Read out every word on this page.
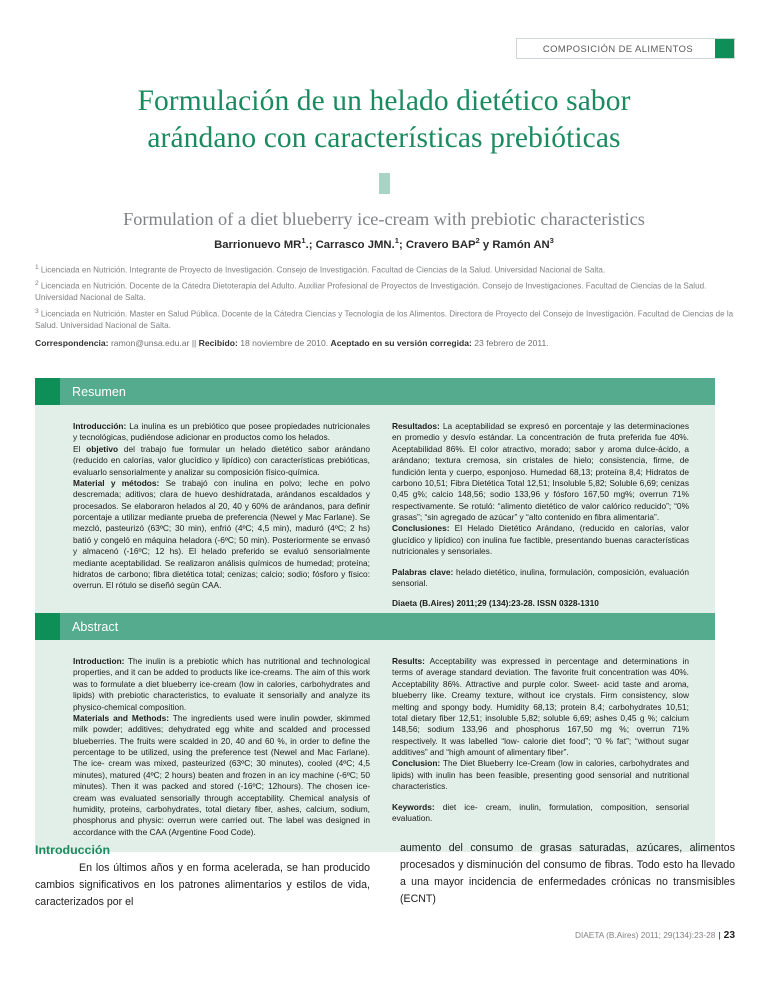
COMPOSICIÓN DE ALIMENTOS
Formulación de un helado dietético sabor
arándano con características prebióticas
Formulation of a diet blueberry ice-cream with prebiotic characteristics
Barrionuevo $MR^1$.; Carrasco JMN.$^1$; Cravero BAP$^2$ y Ramón $AN^3$
$^1$ Licenciada en Nutrición. Integrante de Proyecto de Investigación. Consejo de Investigación. Facultad de Ciencias de la Salud. Universidad Nacional de Salta.
$^2$ Licenciada en Nutrición. Docente de la Cátedra Dietoterapia del Adulto. Auxiliar Profesional de Proyectos de Investigación. Consejo de Investigaciones. Facultad de Ciencias de la Salud. Universidad Nacional de Salta.
$^3$ Licenciada en Nutrición. Master en Salud Pública. Docente de la Cátedra Ciencias y Tecnología de los Alimentos. Directora de Proyecto del Consejo de Investigación. Facultad de Ciencias de la Salud. Universidad Nacional de Salta.
Correspondencia: ramon@unsa.edu.ar || Recibido: 18 noviembre de 2010. Aceptado en su versión corregida: 23 febrero de 2011.
Resumen

Introducción: La inulina es un prebiótico que posee propiedades nutricionales y tecnológicas, pudiéndose adicionar en productos como los helados.

El objetivo del trabajo fue formular un helado dietético sabor arándano (reducido en calorías, valor glucídico y lipídico) con características prebióticas, evaluarlo sensorialmente y analizar su composición físico-química.

Material y métodos: Se trabajó con inulina en polvo; leche en polvo descremada; aditivos; clara de huevo deshidratada, arándanos escaldados y procesados. Se elaboraron helados al 20, 40 y 60% de arándanos, para definir porcentaje a utilizar mediante prueba de preferencia (Newel y Mac Farlane). Se mezcló, pasteurizó (63ºC; 30 min), enfrió (4ºC; 4,5 min), maduró (4ºC; 2 hs) batió y congeló en máquina heladora (-6ºC; 50 min). Posteriormente se envasó y almacenó (-16ºC; 12 hs). El helado preferido se evaluó sensorialmente mediante aceptabilidad. Se realizaron análisis químicos de humedad; proteína; hidratos de carbono; fibra dietética total; cenizas; calcio; sodio; fósforo y físico: overrun. El rótulo se diseñó según CAA.

Resultados: La aceptabilidad se expresó en porcentaje y las determinaciones en promedio y desvío estándar. La concentración de fruta preferida fue 40%. Aceptabilidad 86%. El color atractivo, morado; sabor y aroma dulce-ácido, a arándano; textura cremosa, sin cristales de hielo; consistencia, firme, de fundición lenta y cuerpo, esponjoso. Humedad 68,13; proteína 8,4; Hidratos de carbono 10,51; Fibra Dietética Total 12,51; Insoluble 5,82; Soluble 6,69; cenizas 0,45 g%; calcio 148,56; sodio 133,96 y fósforo 167,50 mg%; overrun 71% respectivamente. Se rotuló: “alimento dietético de valor calórico reducido”; “0% grasas”; “sin agregado de azúcar” y “alto contenido en fibra alimentaria”.

Conclusiones: El Helado Dietético Arándano, (reducido en calorías, valor glucídico y lipídico) con inulina fue factible, presentando buenas características nutricionales y sensoriales.

Palabras clave: helado dietético, inulina, formulación, composición, evaluación sensorial.

Diaeta (B.Aires) 2011;29 (134):23-28. ISSN 0328-1310

Abstract

Introduction: The inulin is a prebiotic which has nutritional and technological properties, and it can be added to products like ice-creams. The aim of this work was to formulate a diet blueberry ice-cream (low in calories, carbohydrates and lipids) with prebiotic characteristics, to evaluate it sensorially and analyze its physico-chemical composition.

Materials and Methods: The ingredients used were inulin powder, skimmed milk powder; additives; dehydrated egg white and scalded and processed blueberries. The fruits were scalded in 20, 40 and 60 %, in order to define the percentage to be utilized, using the preference test (Newel and Mac Farlane). The ice- cream was mixed, pasteurized (63ºC; 30 minutes), cooled (4ºC; 4,5 minutes), matured (4ºC; 2 hours) beaten and frozen in an icy machine (-6ºC; 50 minutes). Then it was packed and stored (-16ºC; 12hours). The chosen ice-cream was evaluated sensorially through acceptability. Chemical analysis of humidity, proteins, carbohydrates, total dietary fiber, ashes, calcium, sodium, phosphorus and physic: overrun were carried out. The label was designed in accordance with the CAA (Argentine Food Code).

Results: Acceptability was expressed in percentage and determinations in terms of average standard deviation. The favorite fruit concentration was 40%. Acceptability 86%. Attractive and purple color. Sweet- acid taste and aroma, blueberry like. Creamy texture, without ice crystals. Firm consistency, slow melting and spongy body. Humidity 68,13; protein 8,4; carbohydrates 10,51; total dietary fiber 12,51; insoluble 5,82; soluble 6,69; ashes 0,45 g %; calcium 148,56; sodium 133,96 and phosphorus 167,50 mg %; overrun 71% respectively. It was labelled “low- calorie diet food”; “0 % fat”; “without sugar additives” and “high amount of alimentary fiber”.

Conclusion: The Diet Blueberry Ice-Cream (low in calories, carbohydrates and lipids) with inulin has been feasible, presenting good sensorial and nutritional characteristics.

Keywords: diet ice- cream, inulin, formulation, composition, sensorial evaluation.

Introducción

En los últimos años y en forma acelerada, se han producido cambios significativos en los patrones alimentarios y estilos de vida, caracterizados por el

aumento del consumo de grasas saturadas, azúcares, alimentos procesados y disminución del consumo de fibras. Todo esto ha llevado a una mayor incidencia de enfermedades crónicas no transmisibles (ECNT)

DIAETA (B.Aires) 2011; 29(134):23-28 | 23
